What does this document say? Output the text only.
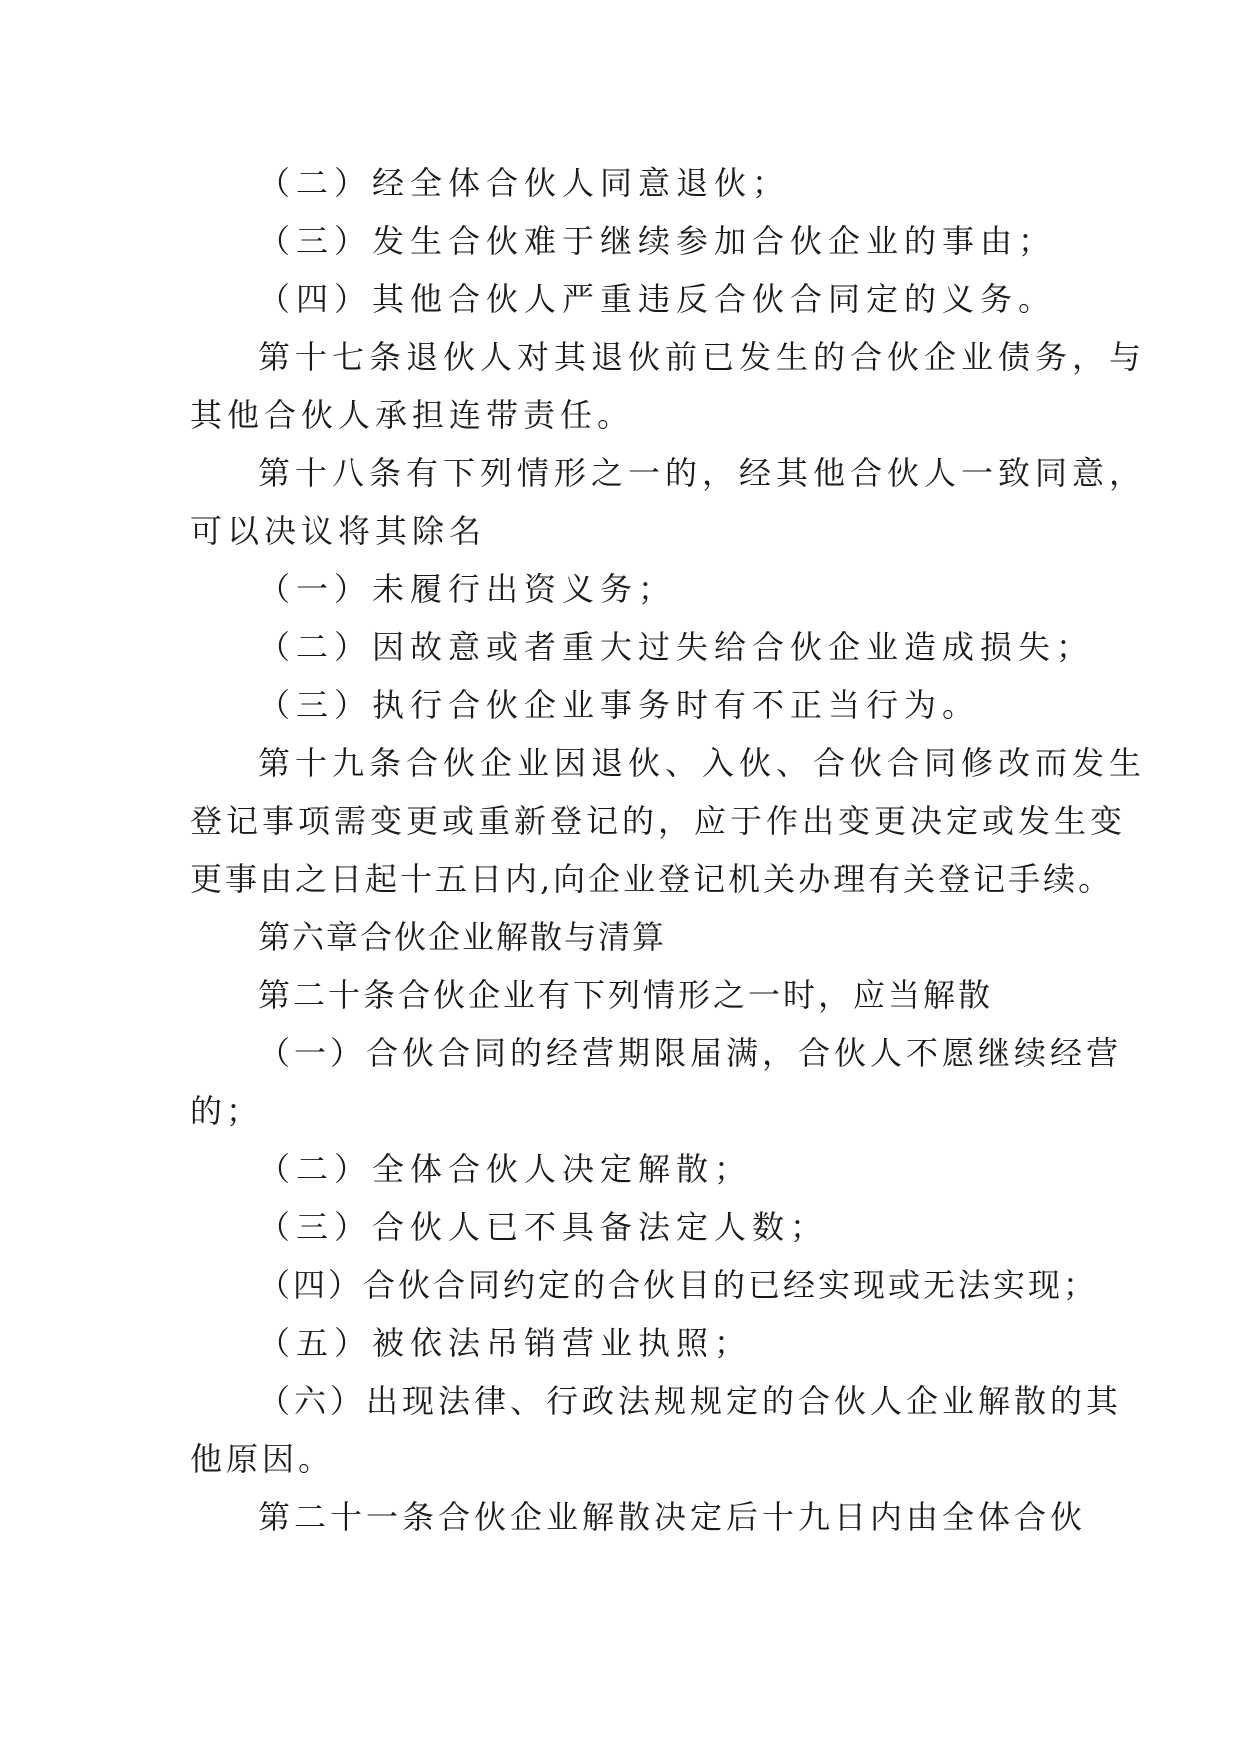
（二）经全体合伙人同意退伙；
（三）发生合伙难于继续参加合伙企业的事由；
（四）其他合伙人严重违反合伙合同定的义务。
第十七条退伙人对其退伙前已发生的合伙企业债务，与
其他合伙人承担连带责任。
第十八条有下列情形之一的，经其他合伙人一致同意，
可以决议将其除名
（一）未履行出资义务；
（二）因故意或者重大过失给合伙企业造成损失；
（三）执行合伙企业事务时有不正当行为。
第十九条合伙企业因退伙、入伙、合伙合同修改而发生
登记事项需变更或重新登记的，应于作出变更决定或发生变
更事由之日起十五日内,向企业登记机关办理有关登记手续。
第六章合伙企业解散与清算
第二十条合伙企业有下列情形之一时，应当解散
（一）合伙合同的经营期限届满，合伙人不愿继续经营
的；
（二）全体合伙人决定解散；
（三）合伙人已不具备法定人数；
（四）合伙合同约定的合伙目的已经实现或无法实现；
（五）被依法吊销营业执照；
（六）出现法律、行政法规规定的合伙人企业解散的其
他原因。
第二十一条合伙企业解散决定后十九日内由全体合伙
